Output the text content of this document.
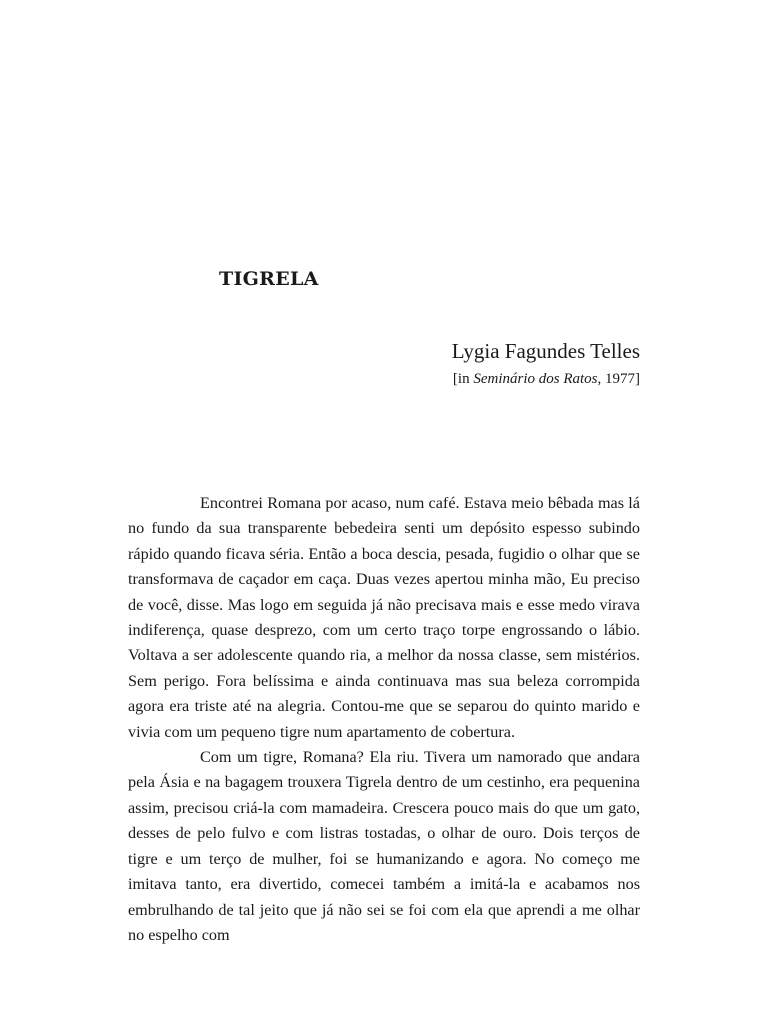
TIGRELA

Lygia Fagundes Telles

[in Seminário dos Ratos, 1977]

Encontrei Romana por acaso, num café. Estava meio bêbada mas lá no fundo da sua transparente bebedeira senti um depósito espesso subindo rápido quando ficava séria. Então a boca descia, pesada, fugidio o olhar que se transformava de caçador em caça. Duas vezes apertou minha mão, Eu preciso de você, disse. Mas logo em seguida já não precisava mais e esse medo virava indiferença, quase desprezo, com um certo traço torpe engrossando o lábio. Voltava a ser adolescente quando ria, a melhor da nossa classe, sem mistérios. Sem perigo. Fora belíssima e ainda continuava mas sua beleza corrompida agora era triste até na alegria. Contou-me que se separou do quinto marido e vivia com um pequeno tigre num apartamento de cobertura.

Com um tigre, Romana? Ela riu. Tivera um namorado que andara pela Ásia e na bagagem trouxera Tigrela dentro de um cestinho, era pequenina assim, precisou criá-la com mamadeira. Crescera pouco mais do que um gato, desses de pelo fulvo e com listras tostadas, o olhar de ouro. Dois terços de tigre e um terço de mulher, foi se humanizando e agora. No começo me imitava tanto, era divertido, comecei também a imitá-la e acabamos nos embrulhando de tal jeito que já não sei se foi com ela que aprendi a me olhar no espelho com
